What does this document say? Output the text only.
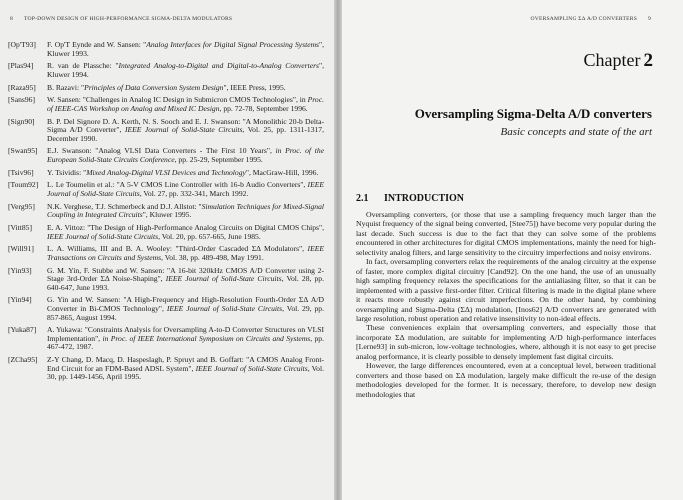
8 TOP-DOWN DESIGN OF HIGH-PERFORMANCE SIGMA-DELTA MODULATORS
[Op'T93]	F. Op'T Eynde and W. Sansen: "Analog Interfaces for Digital Signal Processing Systems", Kluwer 1993.
[Plas94]	R. van de Plassche: "Integrated Analog-to-Digital and Digital-to-Analog Converters", Kluwer 1994.
[Raza95]	B. Razavi: "Principles of Data Conversion System Design", IEEE Press, 1995.
[Sans96]	W. Sansen: "Challenges in Analog IC Design in Submicron CMOS Technologies", in Proc. of IEEE-CAS Workshop on Analog and Mixed IC Design, pp. 72-78, September 1996.
[Sign90]	B. P. Del Signore D. A. Kerth, N. S. Sooch and E. J. Swanson: "A Monolithic 20-b Delta-Sigma A/D Converter", IEEE Journal of Solid-State Circuits, Vol. 25, pp. 1311-1317, December 1990.
[Swan95]	E.J. Swanson: "Analog VLSI Data Converters - The First 10 Years", in Proc. of the European Solid-State Circuits Conference, pp. 25-29, September 1995.
[Tsiv96]	Y. Tsividis: "Mixed Analog-Digital VLSI Devices and Technology", MacGraw-Hill, 1996.
[Toum92]	L. Le Toumelin et al.: "A 5-V CMOS Line Controller with 16-b Audio Converters", IEEE Journal of Solid-State Circuits, Vol. 27, pp. 332-341, March 1992.
[Verg95]	N.K. Verghese, T.J. Schmerbeck and D.J. Allstot: "Simulation Techniques for Mixed-Signal Coupling in Integrated Circuits", Kluwer 1995.
[Vitt85]	E. A. Vittoz: "The Design of High-Performance Analog Circuits on Digital CMOS Chips", IEEE Journal of Solid-State Circuits, Vol. 20, pp. 657-665, June 1985.
[Will91]	L. A. Williams, III and B. A. Wooley: "Third-Order Cascaded ΣΔ Modulators", IEEE Transactions on Circuits and Systems, Vol. 38, pp. 489-498, May 1991.
[Yin93]	G. M. Yin, F. Stubbe and W. Sansen: "A 16-bit 320kHz CMOS A/D Converter using 2-Stage 3rd-Order ΣΔ Noise-Shaping", IEEE Journal of Solid-State Circuits, Vol. 28, pp. 640-647, June 1993.
[Yin94]	G. Yin and W. Sansen: "A High-Frequency and High-Resolution Fourth-Order ΣΔ A/D Converter in Bi-CMOS Technology", IEEE Journal of Solid-State Circuits, Vol. 29, pp. 857-865, August 1994.
[Yuka87]	A. Yukawa: "Constraints Analysis for Oversampling A-to-D Converter Structures on VLSI Implementation", in Proc. of IEEE International Symposium on Circuits and Systems, pp. 467-472, 1987.
[ZCha95]	Z-Y Chang, D. Macq, D. Haspeslagh, P. Spruyt and B. Goffart: "A CMOS Analog Front-End Circuit for an FDM-Based ADSL System", IEEE Journal of Solid-State Circuits, Vol. 30, pp. 1449-1456, April 1995.
OVERSAMPLING ΣΔ A/D CONVERTERS 9
Chapter 2
Oversampling Sigma-Delta A/D converters
Basic concepts and state of the art
2.1 INTRODUCTION

Oversampling converters, (or those that use a sampling frequency much larger than the Nyquist frequency of the signal being converted, [Stee75]) have become very popular during the last decade. Such success is due to the fact that they can solve some of the problems encountered in other architectures for digital CMOS implementations, mainly the need for high-selectivity analog filters, and large sensitivity to the circuitry imperfections and noisy environs.

In fact, oversampling converters relax the requirements of the analog circuitry at the expense of faster, more complex digital circuitry [Cand92]. On the one hand, the use of an unusually high sampling frequency relaxes the specifications for the antialiasing filter, so that it can be implemented with a passive first-order filter. Critical filtering is made in the digital plane where it reacts more robustly against circuit imperfections. On the other hand, by combining oversampling and Sigma-Delta (ΣΔ) modulation, [Inos62] A/D converters are generated with large resolution, robust operation and relative insensitivity to non-ideal effects.

These conveniences explain that oversampling converters, and especially those that incorporate ΣΔ modulation, are suitable for implementing A/D high-performance interfaces [Lerne93] in sub-micron, low-voltage technologies, where, although it is not easy to get precise analog performance, it is clearly possible to densely implement fast digital circuits.

However, the large differences encountered, even at a conceptual level, between traditional converters and those based on ΣΔ modulation, largely make difficult the re-use of the design methodologies developed for the former. It is necessary, therefore, to develop new design methodologies that
